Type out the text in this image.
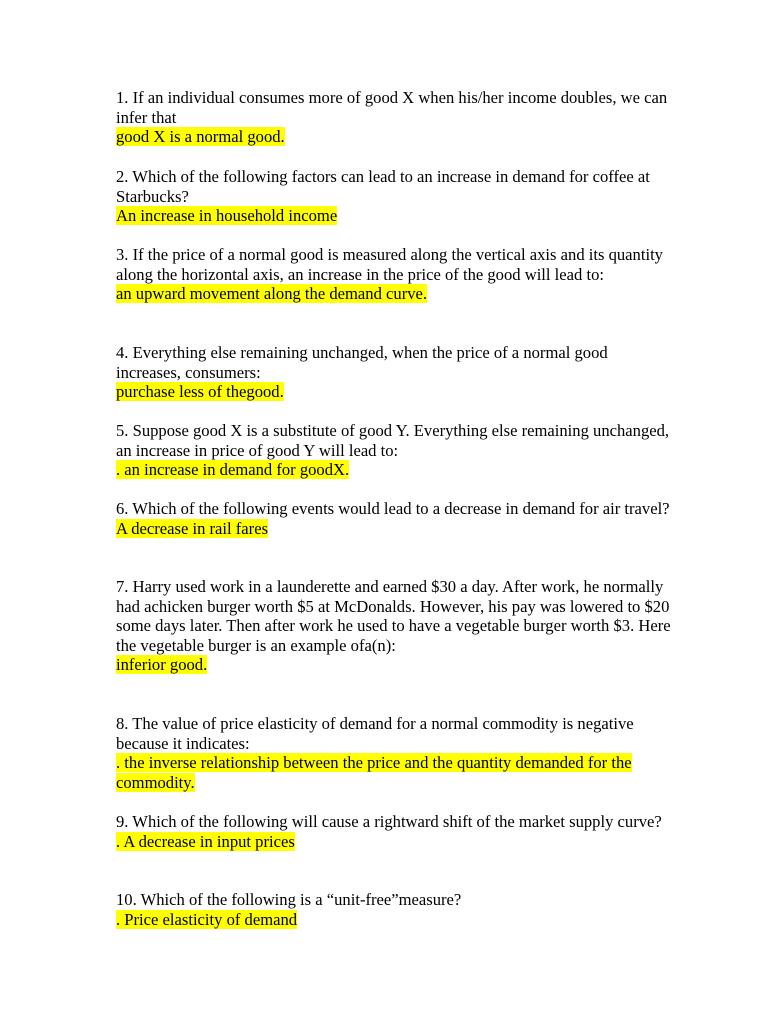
1. If an individual consumes more of good X when his/her income doubles, we can infer that

good X is a normal good.

2. Which of the following factors can lead to an increase in demand for coffee at Starbucks?

An increase in household income

3. If the price of a normal good is measured along the vertical axis and its quantity along the horizontal axis, an increase in the price of the good will lead to:

an upward movement along the demand curve.

4. Everything else remaining unchanged, when the price of a normal good increases, consumers:

purchase less of thegood.

5. Suppose good X is a substitute of good Y. Everything else remaining unchanged, an increase in price of good Y will lead to:

. an increase in demand for goodX.

6. Which of the following events would lead to a decrease in demand for air travel?

A decrease in rail fares

7. Harry used work in a launderette and earned $30 a day. After work, he normally had achicken burger worth $5 at McDonalds. However, his pay was lowered to $20 some days later. Then after work he used to have a vegetable burger worth $3. Here the vegetable burger is an example ofa(n):

inferior good.

8. The value of price elasticity of demand for a normal commodity is negative because it indicates:

. the inverse relationship between the price and the quantity demanded for the commodity.

9. Which of the following will cause a rightward shift of the market supply curve?

. A decrease in input prices

10. Which of the following is a “unit-free”measure?

. Price elasticity of demand
